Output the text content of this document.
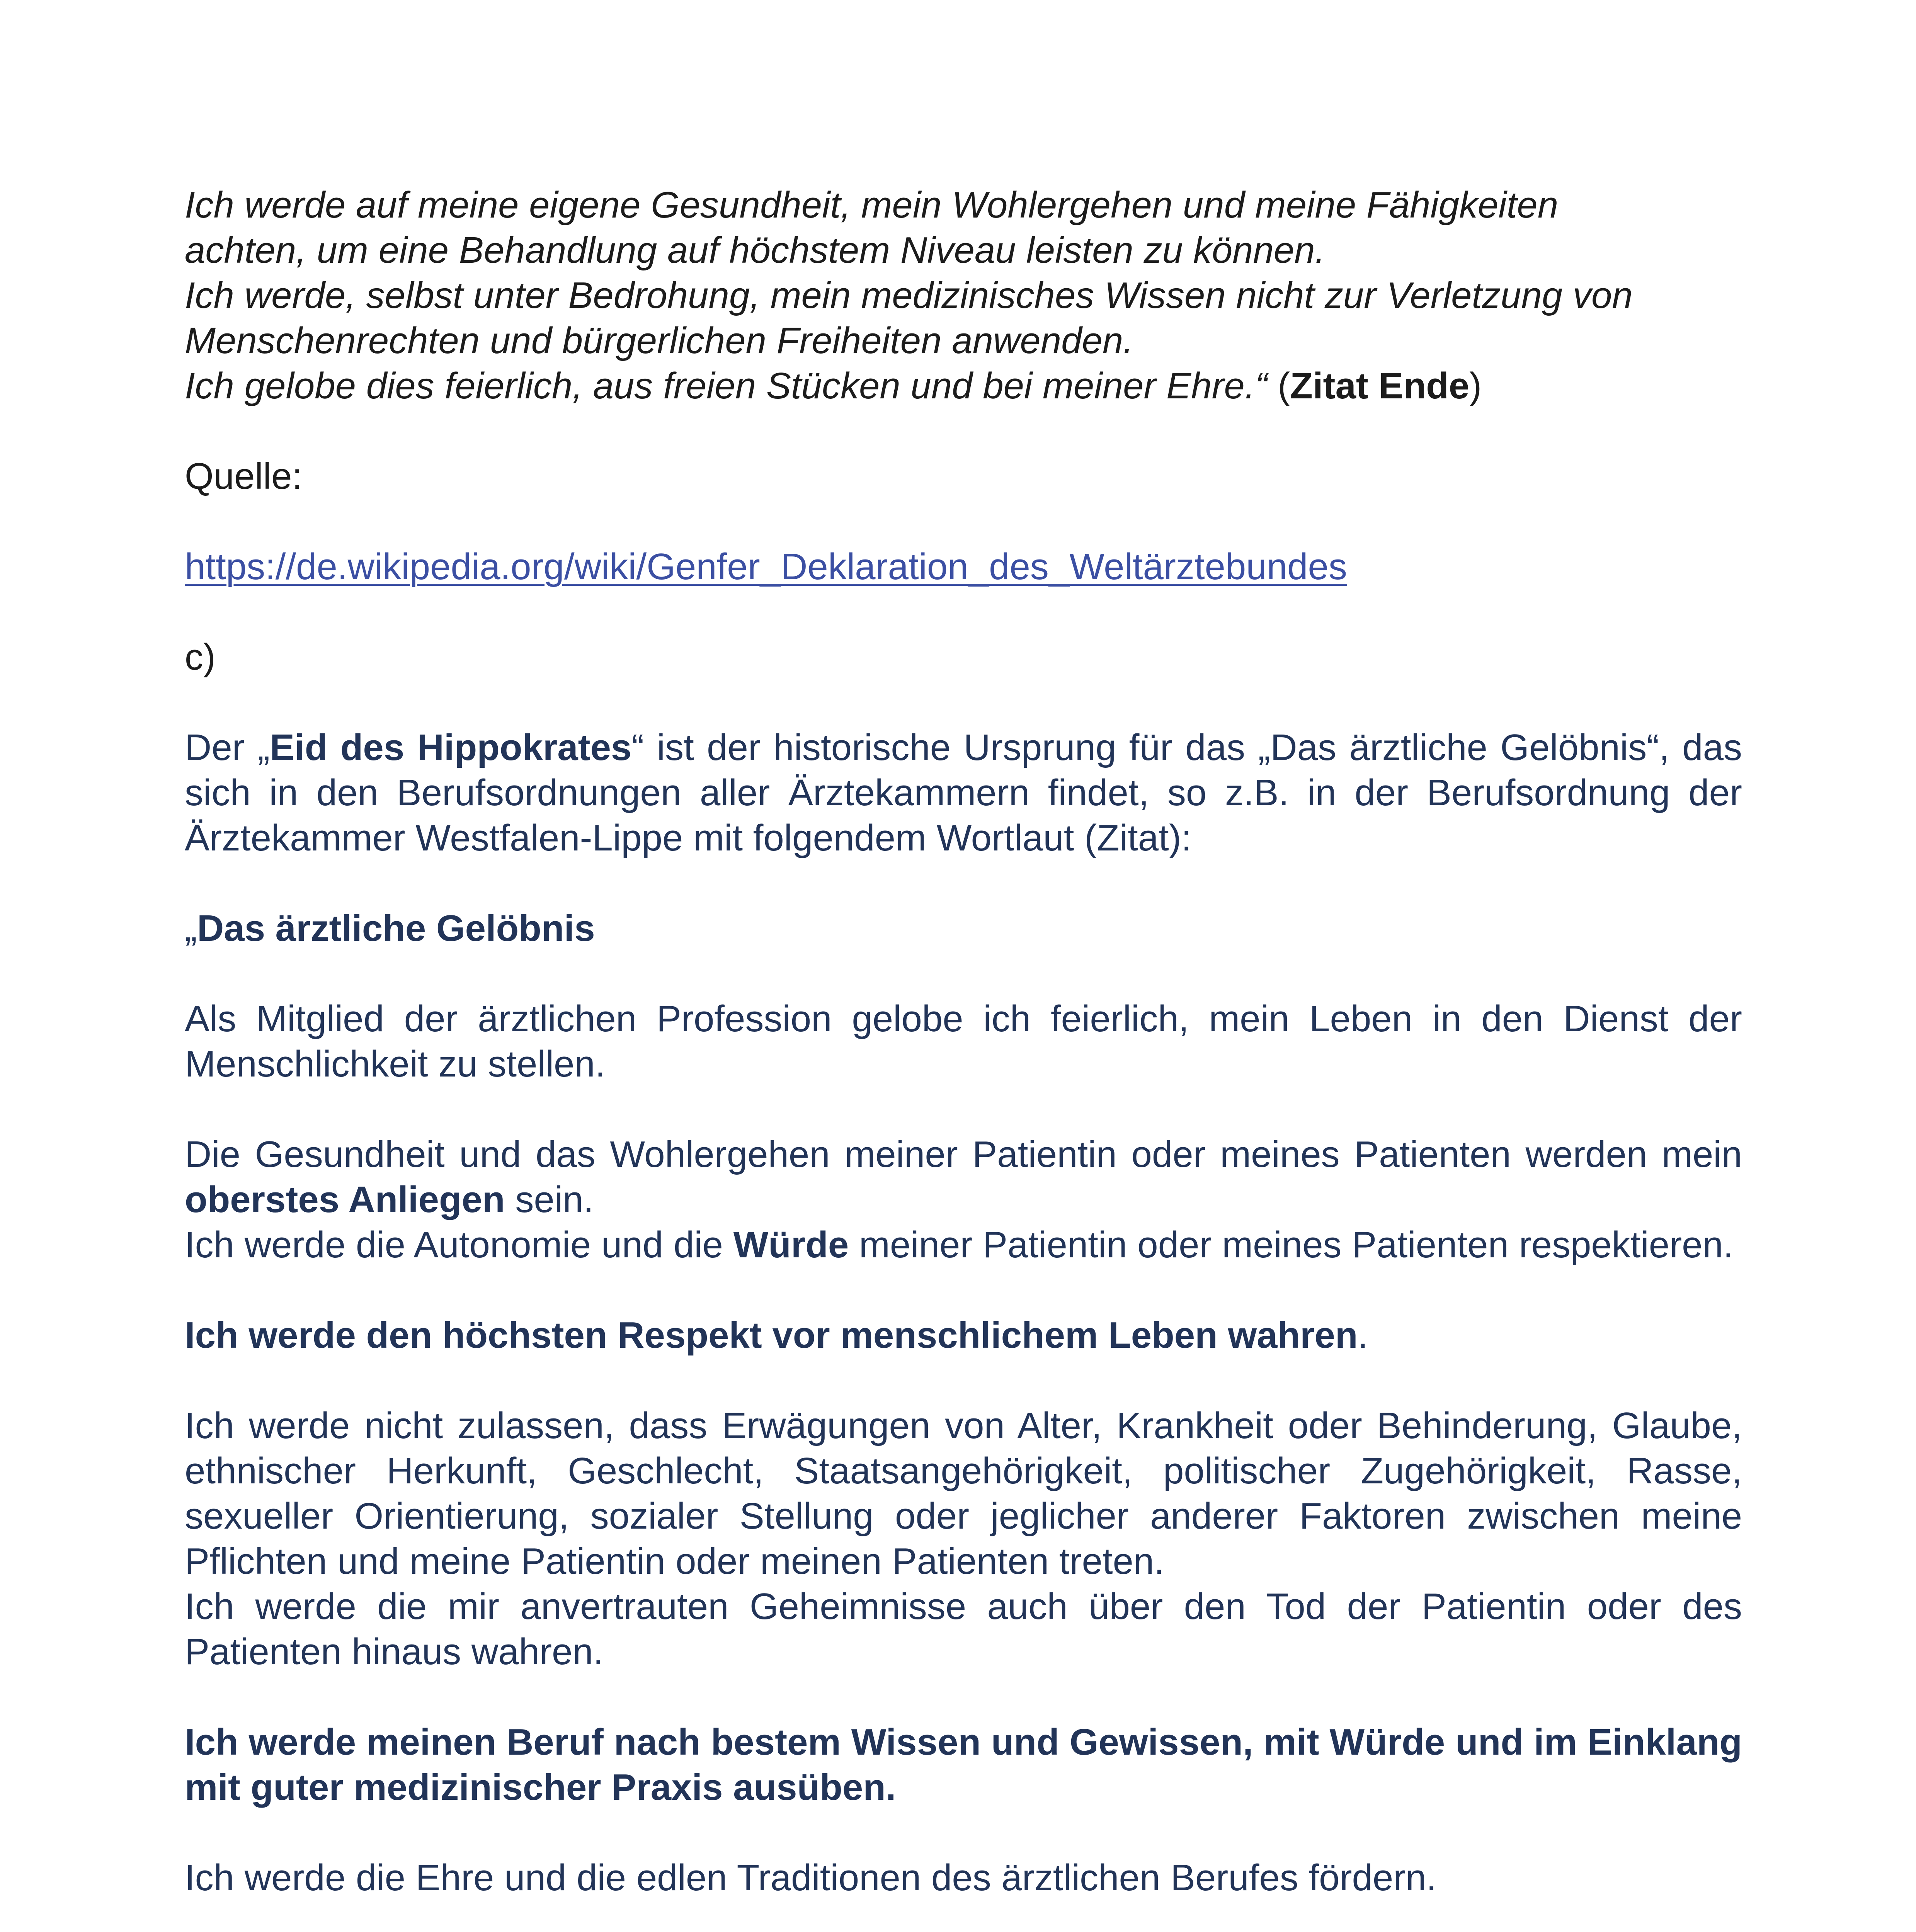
Ich werde auf meine eigene Gesundheit, mein Wohlergehen und meine Fähigkeiten
achten, um eine Behandlung auf höchstem Niveau leisten zu können.
Ich werde, selbst unter Bedrohung, mein medizinisches Wissen nicht zur Verletzung von
Menschenrechten und bürgerlichen Freiheiten anwenden.
Ich gelobe dies feierlich, aus freien Stücken und bei meiner Ehre.“ (Zitat Ende)
Quelle:
https://de.wikipedia.org/wiki/Genfer_Deklaration_des_Weltärztebundes
c)
Der „Eid des Hippokrates“ ist der historische Ursprung für das „Das ärztliche Gelöbnis“, das sich in den Berufsordnungen aller Ärztekammern findet, so z.B. in der Berufsordnung der Ärztekammer Westfalen-Lippe mit folgendem Wortlaut (Zitat):
„Das ärztliche Gelöbnis
Als Mitglied der ärztlichen Profession gelobe ich feierlich, mein Leben in den Dienst der Menschlichkeit zu stellen.
Die Gesundheit und das Wohlergehen meiner Patientin oder meines Patienten werden mein oberstes Anliegen sein.
Ich werde die Autonomie und die Würde meiner Patientin oder meines Patienten respektieren.
Ich werde den höchsten Respekt vor menschlichem Leben wahren.
Ich werde nicht zulassen, dass Erwägungen von Alter, Krankheit oder Behinderung, Glaube, ethnischer Herkunft, Geschlecht, Staatsangehörigkeit, politischer Zugehörigkeit, Rasse, sexueller Orientierung, sozialer Stellung oder jeglicher anderer Faktoren zwischen meine Pflichten und meine Patientin oder meinen Patienten treten.
Ich werde die mir anvertrauten Geheimnisse auch über den Tod der Patientin oder des Patienten hinaus wahren.
Ich werde meinen Beruf nach bestem Wissen und Gewissen, mit Würde und im Einklang mit guter medizinischer Praxis ausüben.
Ich werde die Ehre und die edlen Traditionen des ärztlichen Berufes fördern.
